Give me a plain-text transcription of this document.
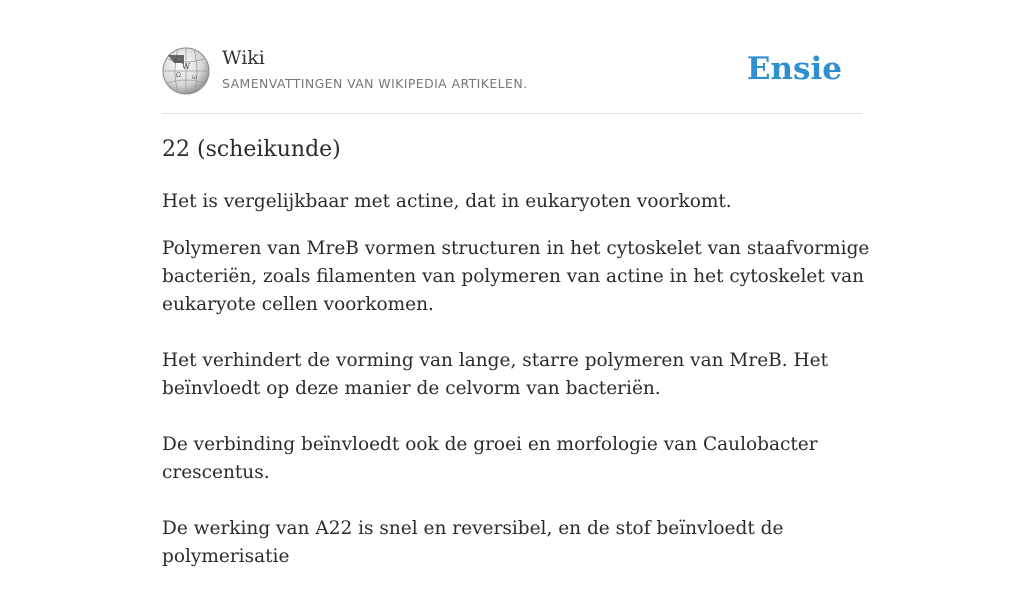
W
Ω ω
Wiki
SAMENVATTINGEN VAN WIKIPEDIA ARTIKELEN.	Ensie
22 (scheikunde)

Het is vergelijkbaar met actine, dat in eukaryoten voorkomt.

Polymeren van MreB vormen structuren in het cytoskelet van staafvormige bacteriën, zoals filamenten van polymeren van actine in het cytoskelet van eukaryote cellen voorkomen.

Het verhindert de vorming van lange, starre polymeren van MreB. Het beïnvloedt op deze manier de celvorm van bacteriën.

De verbinding beïnvloedt ook de groei en morfologie van Caulobacter crescentus.

De werking van A22 is snel en reversibel, en de stof beïnvloedt de polymerisatie
